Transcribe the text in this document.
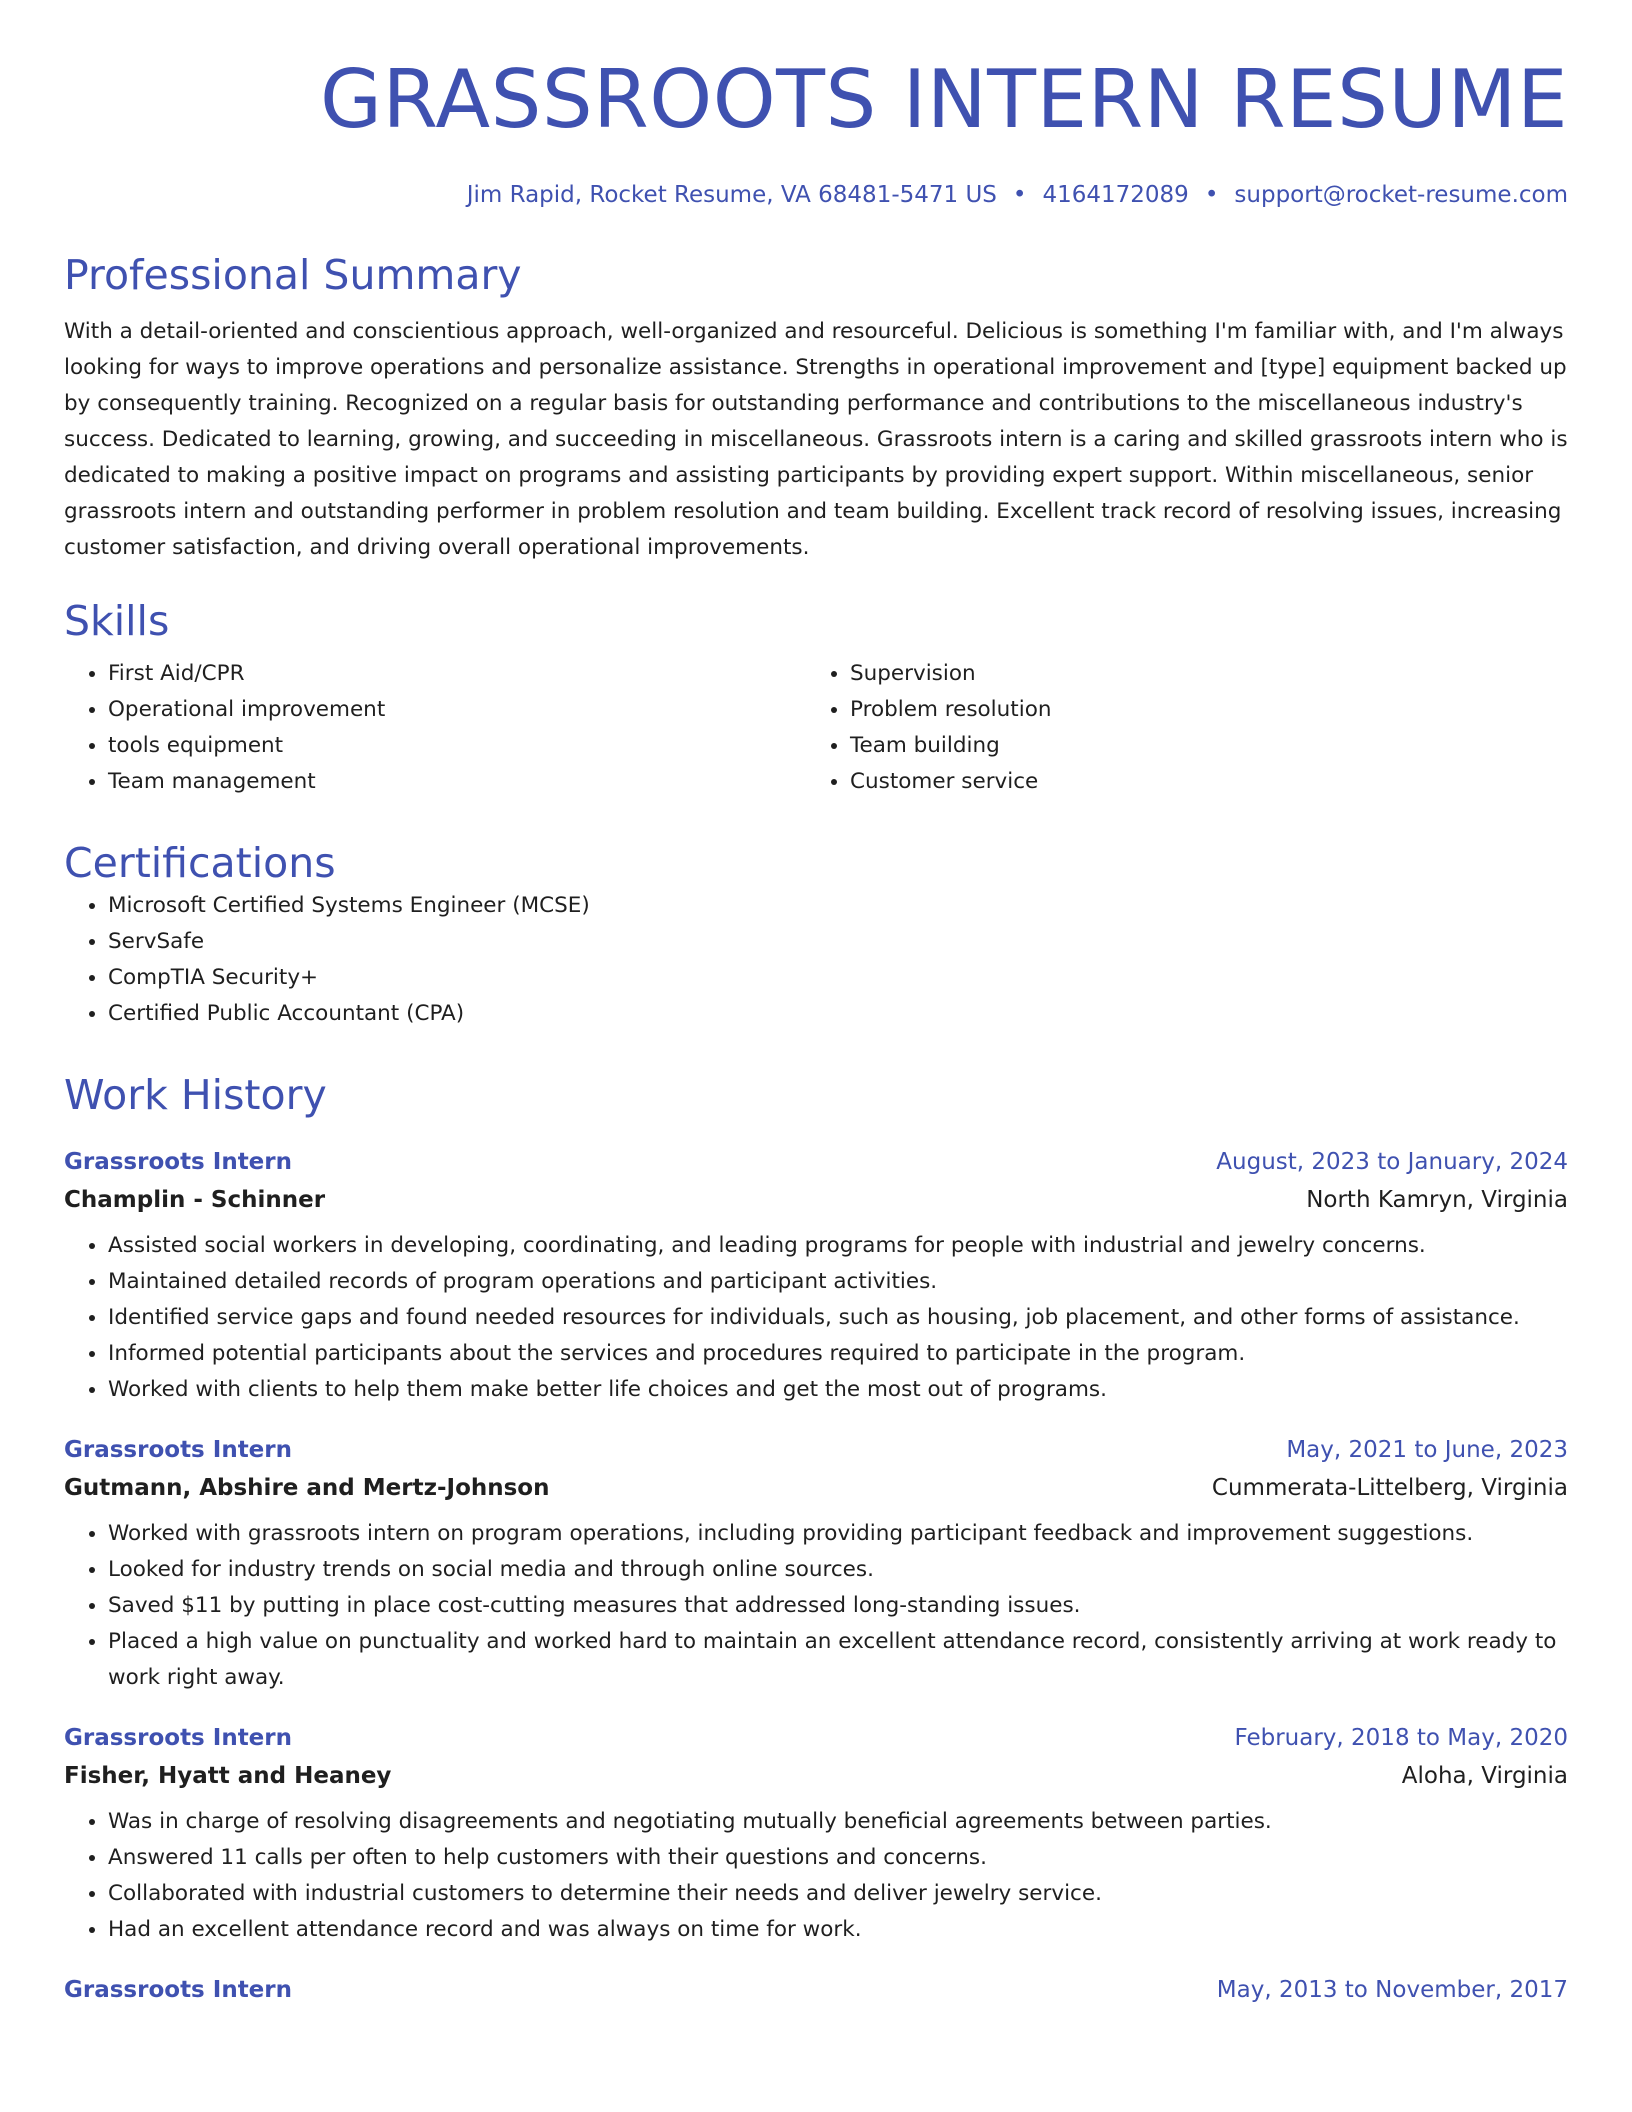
GRASSROOTS INTERN RESUME
Jim Rapid, Rocket Resume, VA 68481-5471 US • 4164172089 • support@rocket-resume.com
Professional Summary

With a detail-oriented and conscientious approach, well-organized and resourceful. Delicious is something I'm familiar with, and I'm always looking for ways to improve operations and personalize assistance. Strengths in operational improvement and [type] equipment backed up by consequently training. Recognized on a regular basis for outstanding performance and contributions to the miscellaneous industry's success. Dedicated to learning, growing, and succeeding in miscellaneous. Grassroots intern is a caring and skilled grassroots intern who is dedicated to making a positive impact on programs and assisting participants by providing expert support. Within miscellaneous, senior grassroots intern and outstanding performer in problem resolution and team building. Excellent track record of resolving issues, increasing customer satisfaction, and driving overall operational improvements.

Skills
• First Aid/CPR
• Operational improvement
• tools equipment
• Team management
• Supervision
• Problem resolution
• Team building
• Customer service
Certifications
• Microsoft Certified Systems Engineer (MCSE)
• ServSafe
• CompTIA Security+
• Certified Public Accountant (CPA)
Work History
Grassroots Intern	August, 2023 to January, 2024
Champlin - Schinner	North Kamryn, Virginia
• Assisted social workers in developing, coordinating, and leading programs for people with industrial and jewelry concerns.
• Maintained detailed records of program operations and participant activities.
• Identified service gaps and found needed resources for individuals, such as housing, job placement, and other forms of assistance.
• Informed potential participants about the services and procedures required to participate in the program.
• Worked with clients to help them make better life choices and get the most out of programs.
Grassroots Intern	May, 2021 to June, 2023
Gutmann, Abshire and Mertz-Johnson	Cummerata-Littelberg, Virginia
• Worked with grassroots intern on program operations, including providing participant feedback and improvement suggestions.
• Looked for industry trends on social media and through online sources.
• Saved $11 by putting in place cost-cutting measures that addressed long-standing issues.
• Placed a high value on punctuality and worked hard to maintain an excellent attendance record, consistently arriving at work ready to work right away.
Grassroots Intern	February, 2018 to May, 2020
Fisher, Hyatt and Heaney	Aloha, Virginia
• Was in charge of resolving disagreements and negotiating mutually beneficial agreements between parties.
• Answered 11 calls per often to help customers with their questions and concerns.
• Collaborated with industrial customers to determine their needs and deliver jewelry service.
• Had an excellent attendance record and was always on time for work.
Grassroots Intern	May, 2013 to November, 2017
